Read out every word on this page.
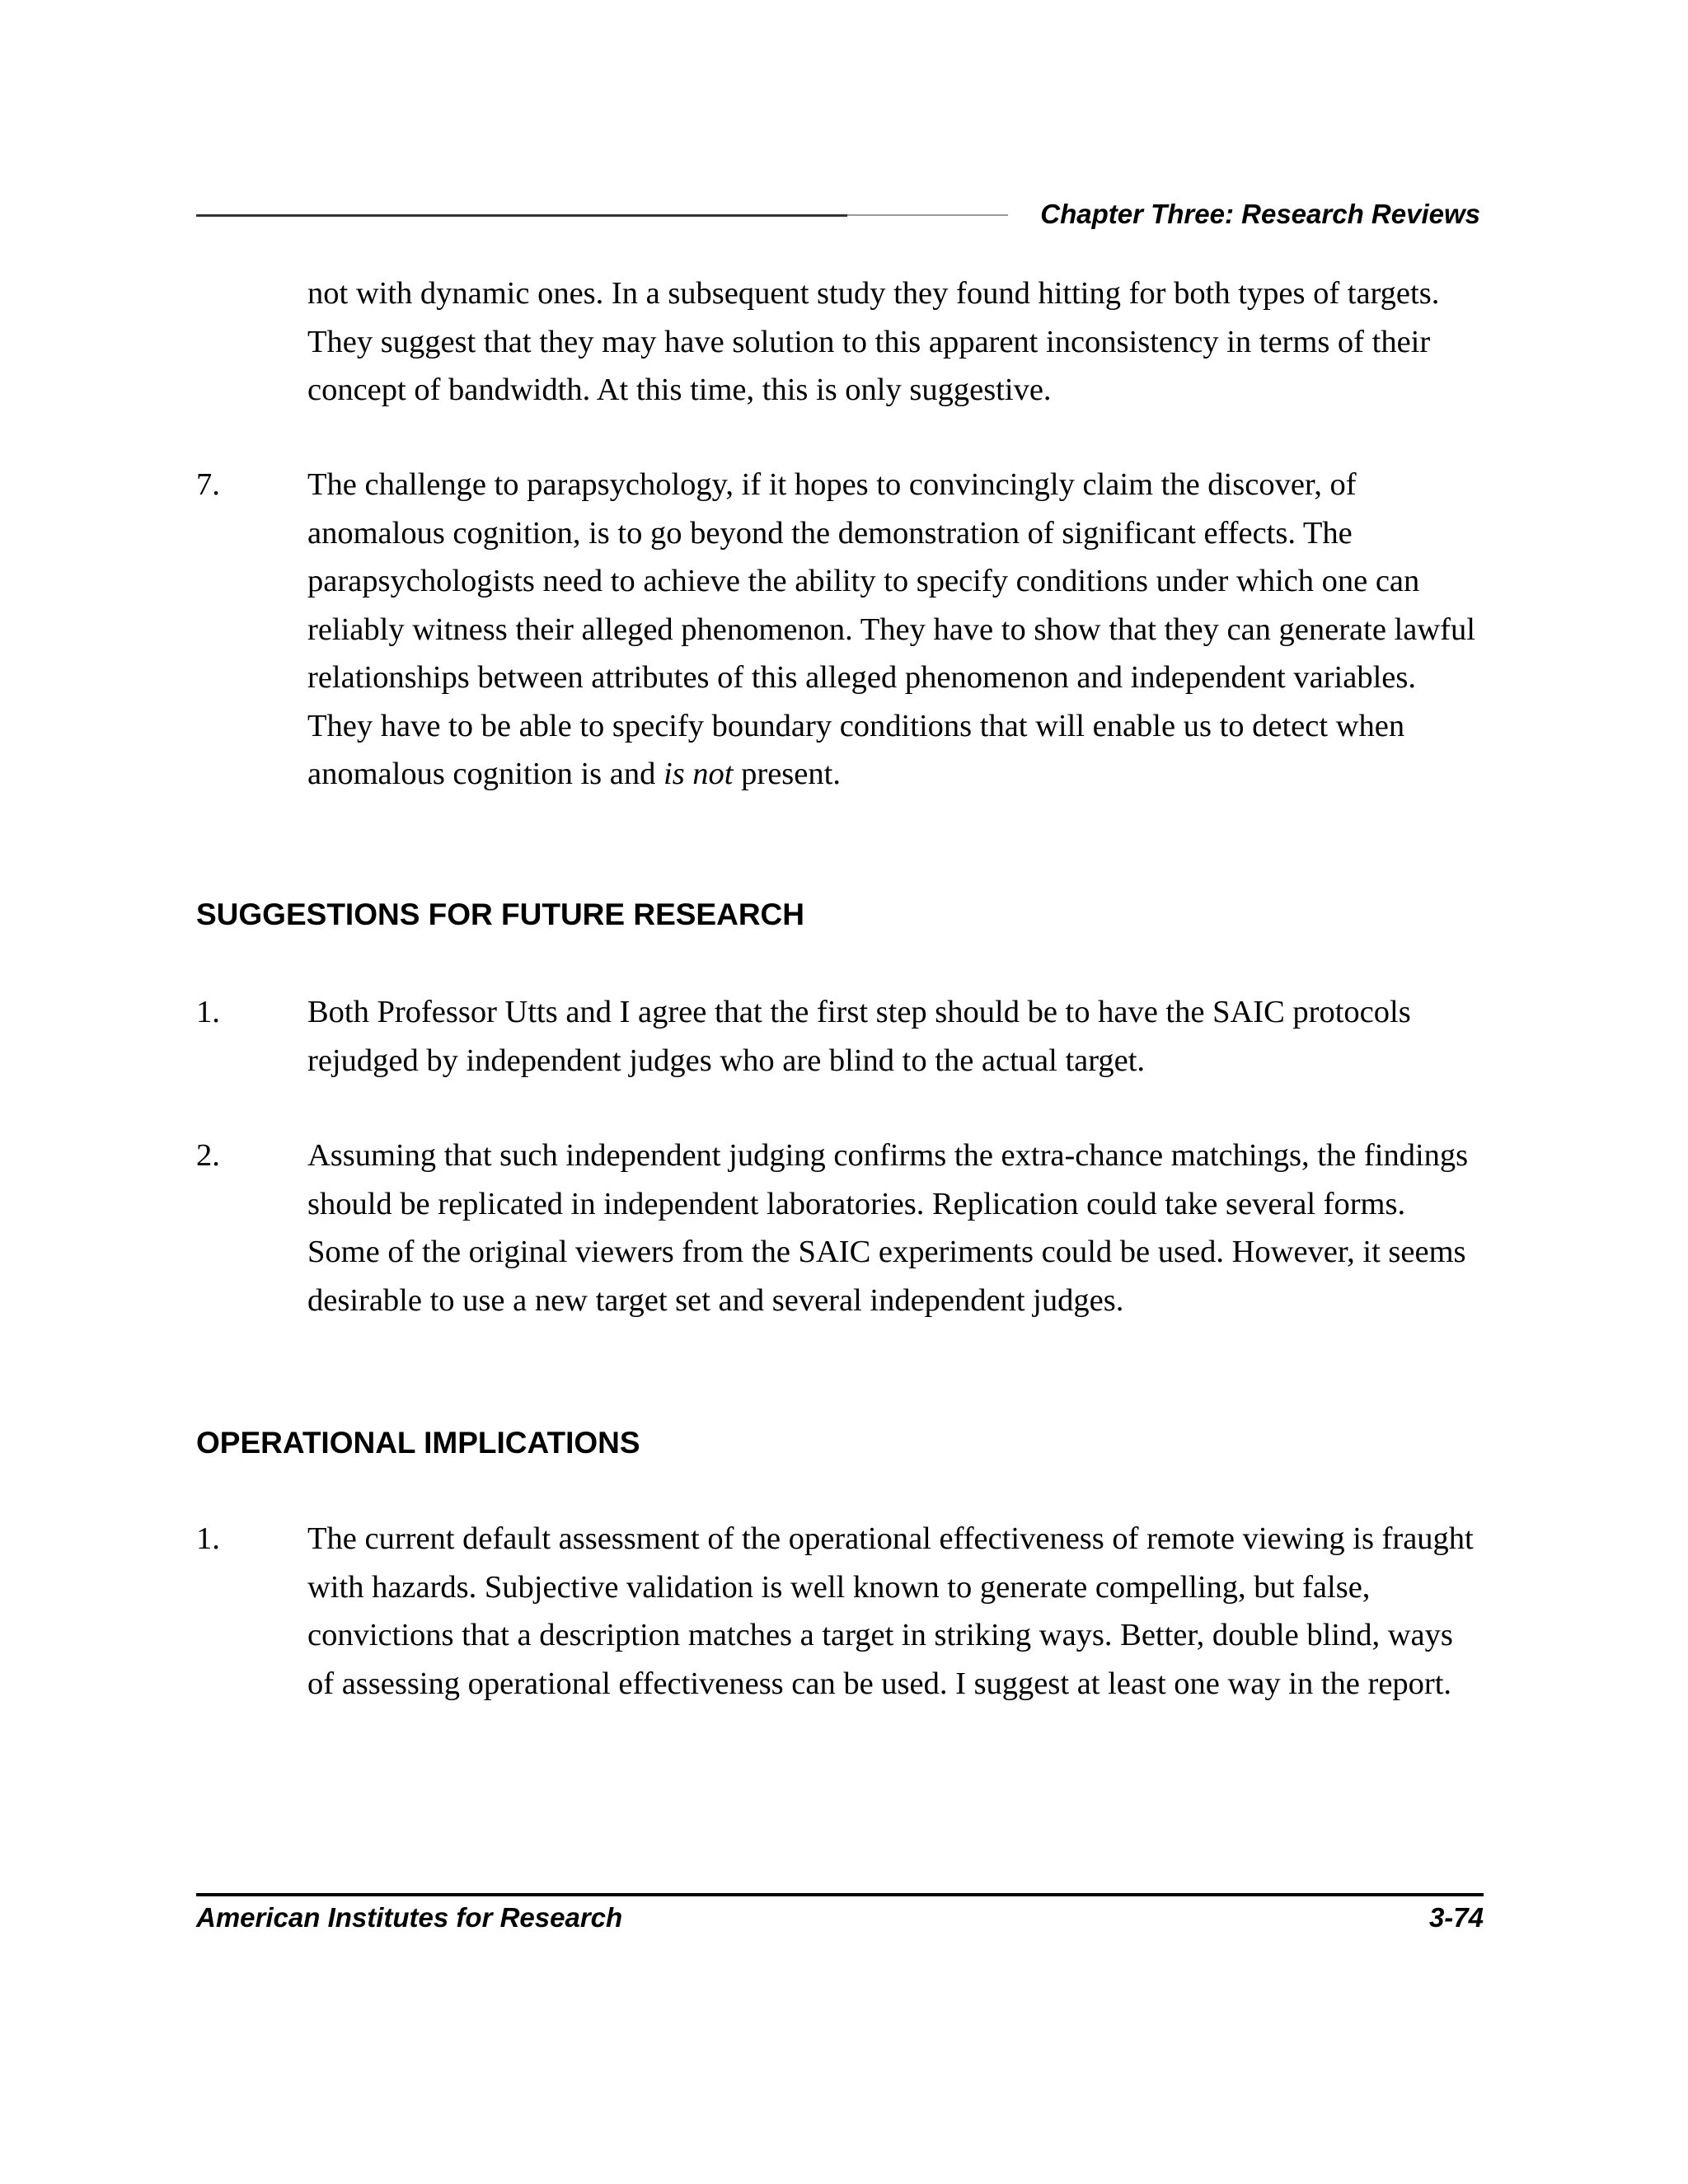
Chapter Three: Research Reviews

not with dynamic ones. In a subsequent study they found hitting for both types of targets. They suggest that they may have solution to this apparent inconsistency in terms of their concept of bandwidth. At this time, this is only suggestive.

7.	The challenge to parapsychology, if it hopes to convincingly claim the discover, of anomalous cognition, is to go beyond the demonstration of significant effects. The parapsychologists need to achieve the ability to specify conditions under which one can reliably witness their alleged phenomenon. They have to show that they can generate lawful relationships between attributes of this alleged phenomenon and independent variables. They have to be able to specify boundary conditions that will enable us to detect when anomalous cognition is and is not present.

SUGGESTIONS FOR FUTURE RESEARCH
1.	Both Professor Utts and I agree that the first step should be to have the SAIC protocols rejudged by independent judges who are blind to the actual target.

2.	Assuming that such independent judging confirms the extra-chance matchings, the findings should be replicated in independent laboratories. Replication could take several forms. Some of the original viewers from the SAIC experiments could be used. However, it seems desirable to use a new target set and several independent judges.

OPERATIONAL IMPLICATIONS
1.	The current default assessment of the operational effectiveness of remote viewing is fraught with hazards. Subjective validation is well known to generate compelling, but false, convictions that a description matches a target in striking ways. Better, double blind, ways of assessing operational effectiveness can be used. I suggest at least one way in the report.

American Institutes for Research	3-74
